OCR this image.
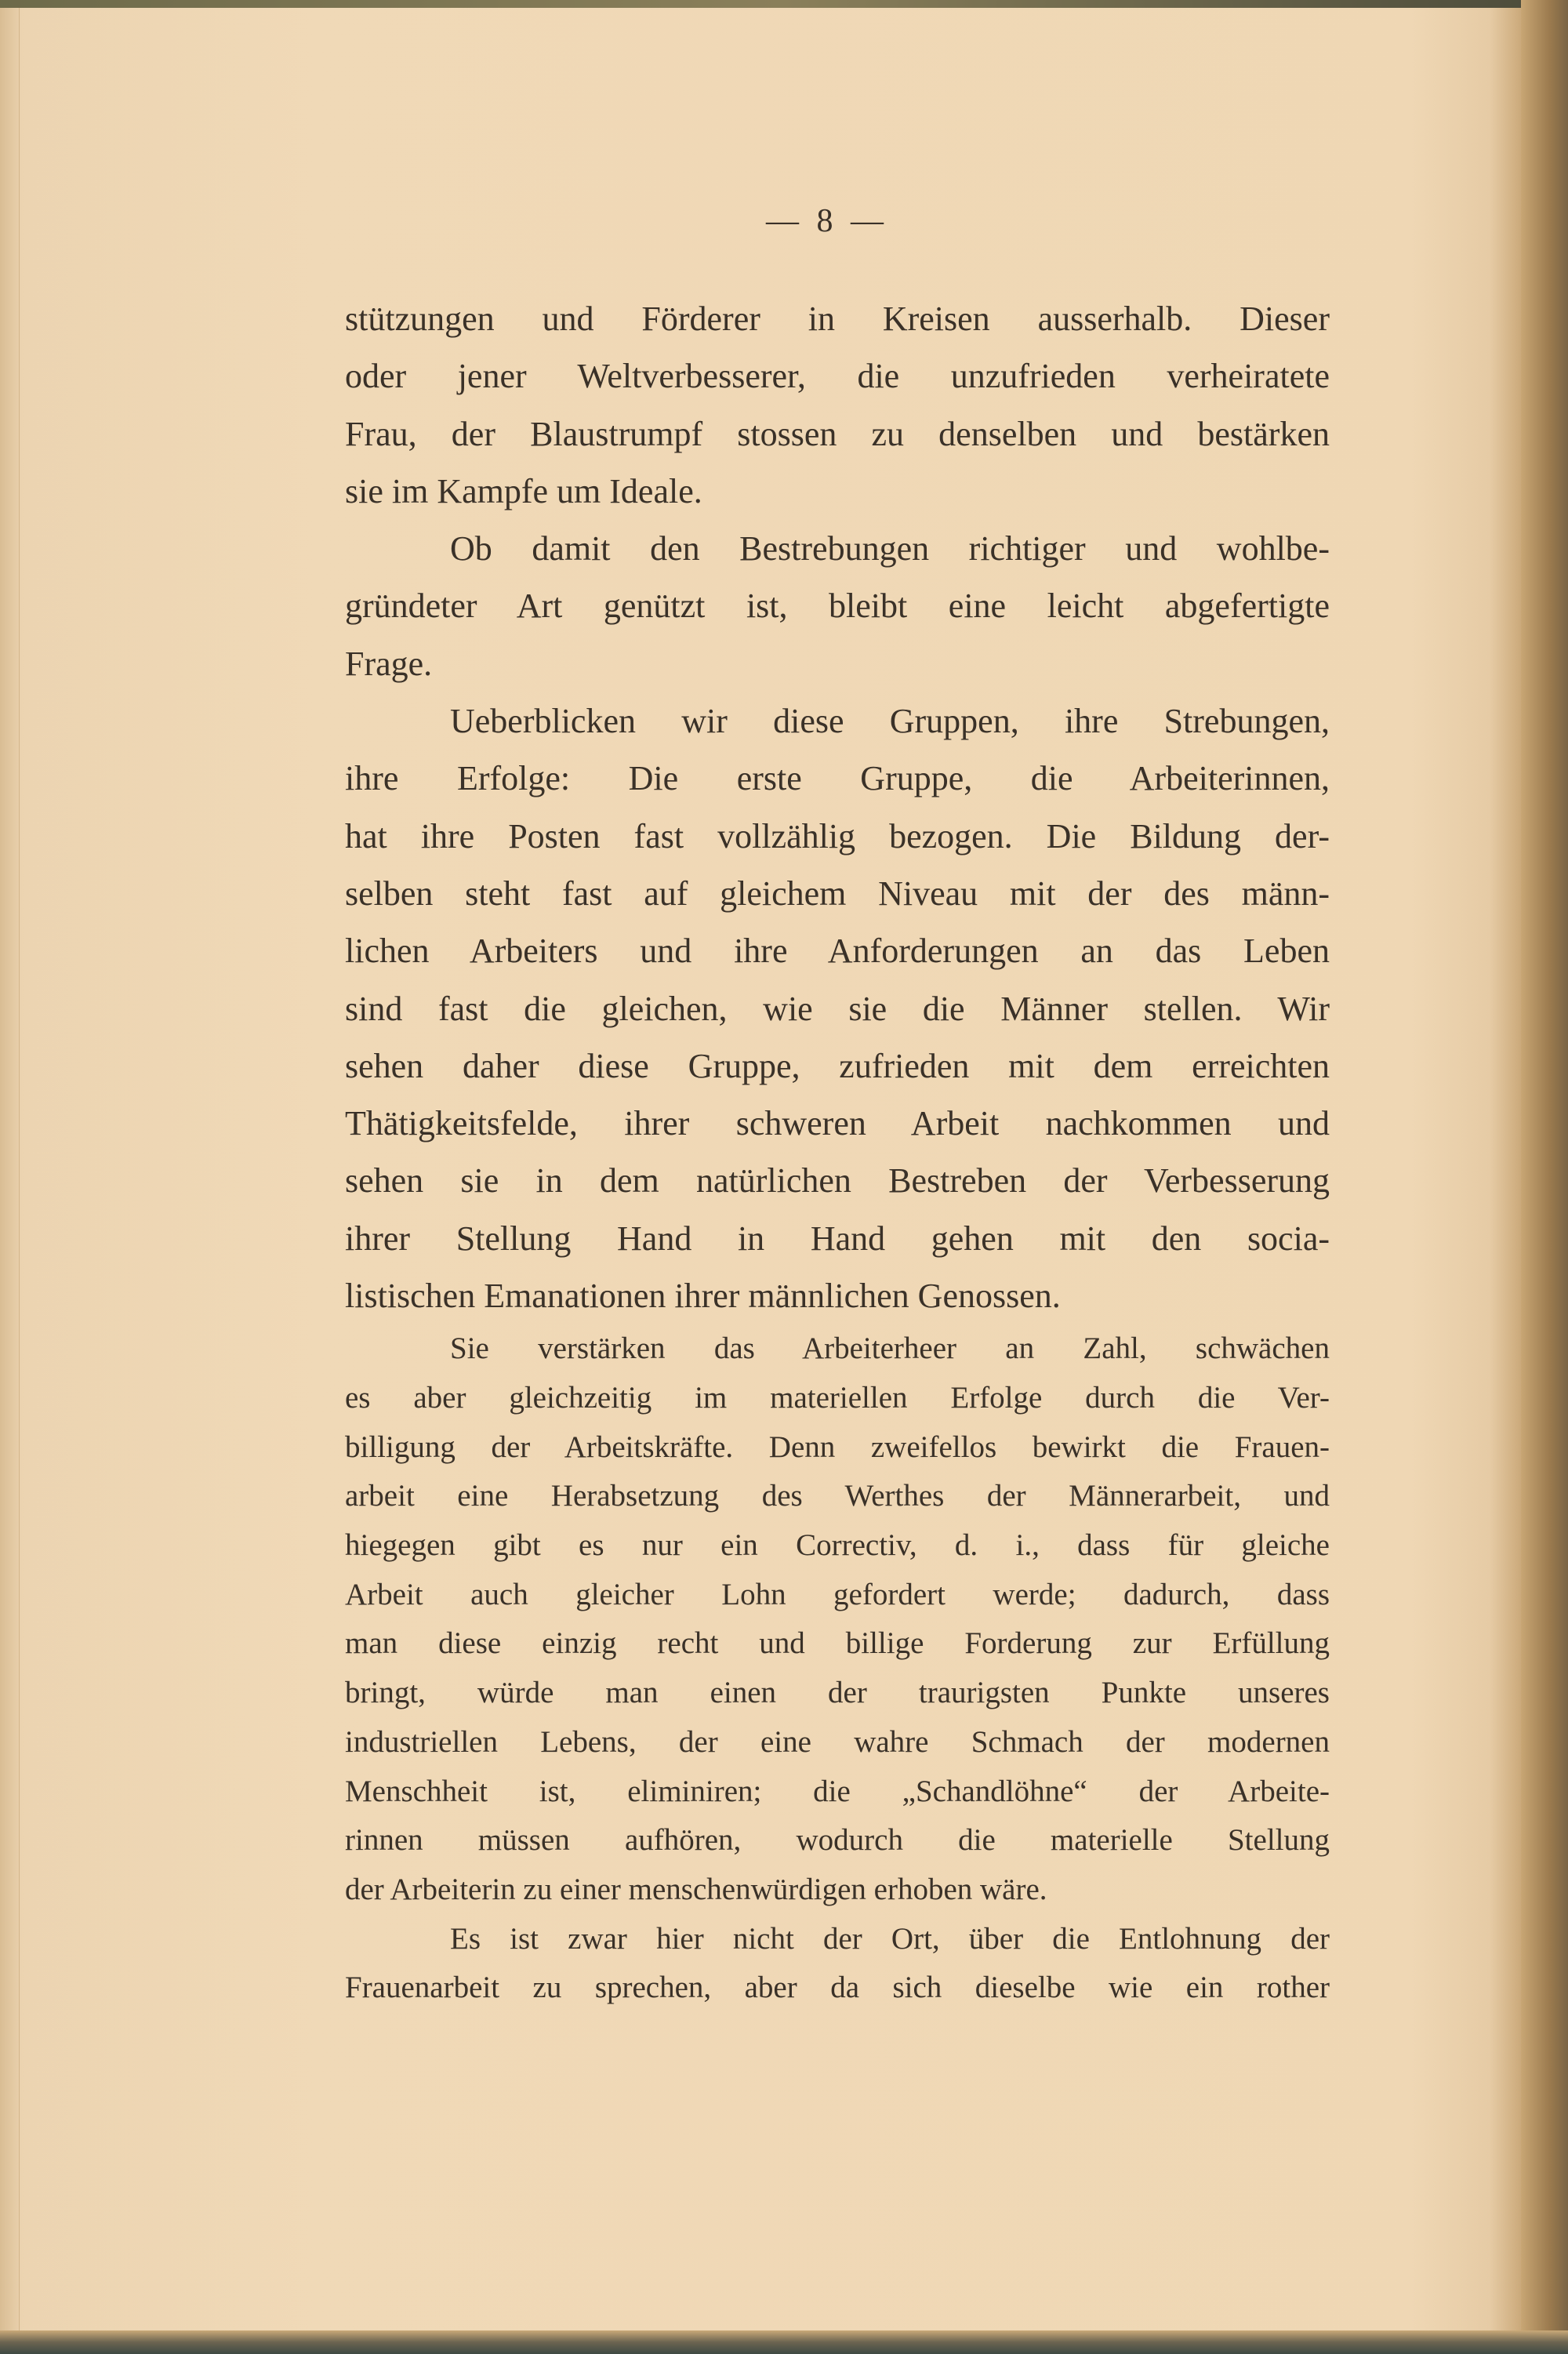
— 8 —
stützungen und Förderer in Kreisen ausserhalb. Dieser
oder jener Weltverbesserer, die unzufrieden verheiratete
Frau, der Blaustrumpf stossen zu denselben und bestärken
sie im Kampfe um Ideale.
Ob damit den Bestrebungen richtiger und wohlbe-
gründeter Art genützt ist, bleibt eine leicht abgefertigte
Frage.
Ueberblicken wir diese Gruppen, ihre Strebungen,
ihre Erfolge: Die erste Gruppe, die Arbeiterinnen,
hat ihre Posten fast vollzählig bezogen. Die Bildung der-
selben steht fast auf gleichem Niveau mit der des männ-
lichen Arbeiters und ihre Anforderungen an das Leben
sind fast die gleichen, wie sie die Männer stellen. Wir
sehen daher diese Gruppe, zufrieden mit dem erreichten
Thätigkeitsfelde, ihrer schweren Arbeit nachkommen und
sehen sie in dem natürlichen Bestreben der Verbesserung
ihrer Stellung Hand in Hand gehen mit den socia-
listischen Emanationen ihrer männlichen Genossen.
Sie verstärken das Arbeiterheer an Zahl, schwächen
es aber gleichzeitig im materiellen Erfolge durch die Ver-
billigung der Arbeitskräfte. Denn zweifellos bewirkt die Frauen-
arbeit eine Herabsetzung des Werthes der Männerarbeit, und
hiegegen gibt es nur ein Correctiv, d. i., dass für gleiche
Arbeit auch gleicher Lohn gefordert werde; dadurch, dass
man diese einzig recht und billige Forderung zur Erfüllung
bringt, würde man einen der traurigsten Punkte unseres
industriellen Lebens, der eine wahre Schmach der modernen
Menschheit ist, eliminiren; die „Schandlöhne“ der Arbeite-
rinnen müssen aufhören, wodurch die materielle Stellung
der Arbeiterin zu einer menschenwürdigen erhoben wäre.
Es ist zwar hier nicht der Ort, über die Entlohnung der
Frauenarbeit zu sprechen, aber da sich dieselbe wie ein rother
